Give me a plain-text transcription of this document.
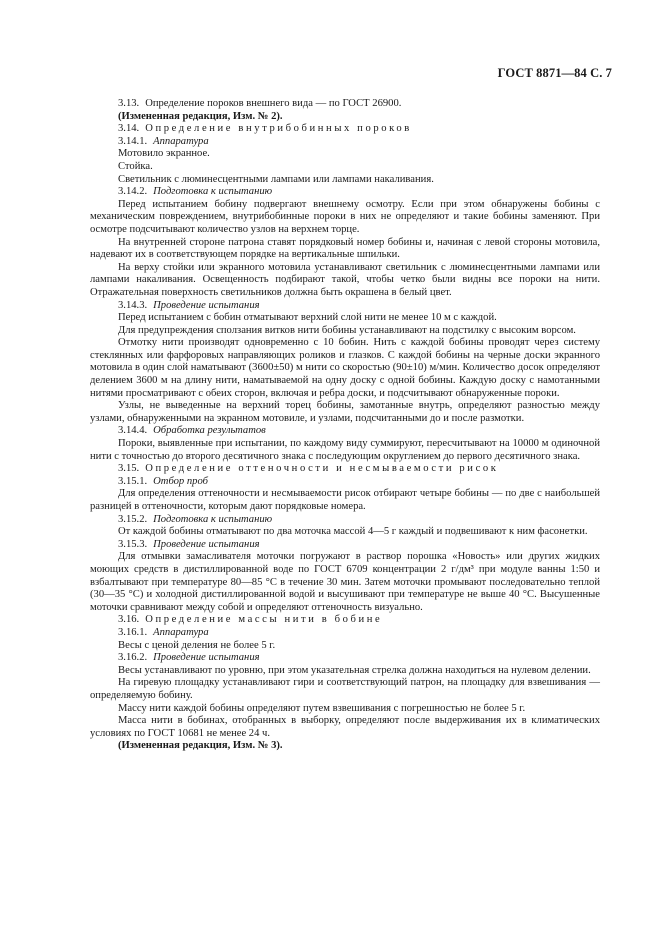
ГОСТ 8871—84 С. 7

3.13. Определение пороков внешнего вида — по ГОСТ 26900.

(Измененная редакция, Изм. № 2).

3.14. Определение внутрибобинных пороков

3.14.1. Аппаратура

Мотовило экранное.

Стойка.

Светильник с люминесцентными лампами или лампами накаливания.

3.14.2. Подготовка к испытанию

Перед испытанием бобину подвергают внешнему осмотру. Если при этом обнаружены бобины с механическим повреждением, внутрибобинные пороки в них не определяют и такие бобины заменяют. При осмотре подсчитывают количество узлов на верхнем торце.

На внутренней стороне патрона ставят порядковый номер бобины и, начиная с левой стороны мотовила, надевают их в соответствующем порядке на вертикальные шпильки.

На верху стойки или экранного мотовила устанавливают светильник с люминесцентными лампами или лампами накаливания. Освещенность подбирают такой, чтобы четко были видны все пороки на нити. Отражательная поверхность светильников должна быть окрашена в белый цвет.

3.14.3. Проведение испытания

Перед испытанием с бобин отматывают верхний слой нити не менее 10 м с каждой.

Для предупреждения сползания витков нити бобины устанавливают на подстилку с высоким ворсом.

Отмотку нити производят одновременно с 10 бобин. Нить с каждой бобины проводят через систему стеклянных или фарфоровых направляющих роликов и глазков. С каждой бобины на черные доски экранного мотовила в один слой наматывают (3600±50) м нити со скоростью (90±10) м/мин. Количество досок определяют делением 3600 м на длину нити, наматываемой на одну доску с одной бобины. Каждую доску с намотанными нитями просматривают с обеих сторон, включая и ребра доски, и подсчитывают обнаруженные пороки.

Узлы, не выведенные на верхний торец бобины, замотанные внутрь, определяют разностью между узлами, обнаруженными на экранном мотовиле, и узлами, подсчитанными до и после размотки.

3.14.4. Обработка результатов

Пороки, выявленные при испытании, по каждому виду суммируют, пересчитывают на 10000 м одиночной нити с точностью до второго десятичного знака с последующим округлением до первого десятичного знака.

3.15. Определение оттеночности и несмываемости рисок

3.15.1. Отбор проб

Для определения оттеночности и несмываемости рисок отбирают четыре бобины — по две с наибольшей разницей в оттеночности, которым дают порядковые номера.

3.15.2. Подготовка к испытанию

От каждой бобины отматывают по два моточка массой 4—5 г каждый и подвешивают к ним фасонетки.

3.15.3. Проведение испытания

Для отмывки замасливателя моточки погружают в раствор порошка «Новость» или других жидких моющих средств в дистиллированной воде по ГОСТ 6709 концентрации 2 г/дм³ при модуле ванны 1:50 и взбалтывают при температуре 80—85 °С в течение 30 мин. Затем моточки промывают последовательно теплой (30—35 °С) и холодной дистиллированной водой и высушивают при температуре не выше 40 °С. Высушенные моточки сравнивают между собой и определяют оттеночность визуально.

3.16. Определение массы нити в бобине

3.16.1. Аппаратура

Весы с ценой деления не более 5 г.

3.16.2. Проведение испытания

Весы устанавливают по уровню, при этом указательная стрелка должна находиться на нулевом делении.

На гиревую площадку устанавливают гири и соответствующий патрон, на площадку для взвешивания — определяемую бобину.

Массу нити каждой бобины определяют путем взвешивания с погрешностью не более 5 г.

Масса нити в бобинах, отобранных в выборку, определяют после выдерживания их в климатических условиях по ГОСТ 10681 не менее 24 ч.

(Измененная редакция, Изм. № 3).
